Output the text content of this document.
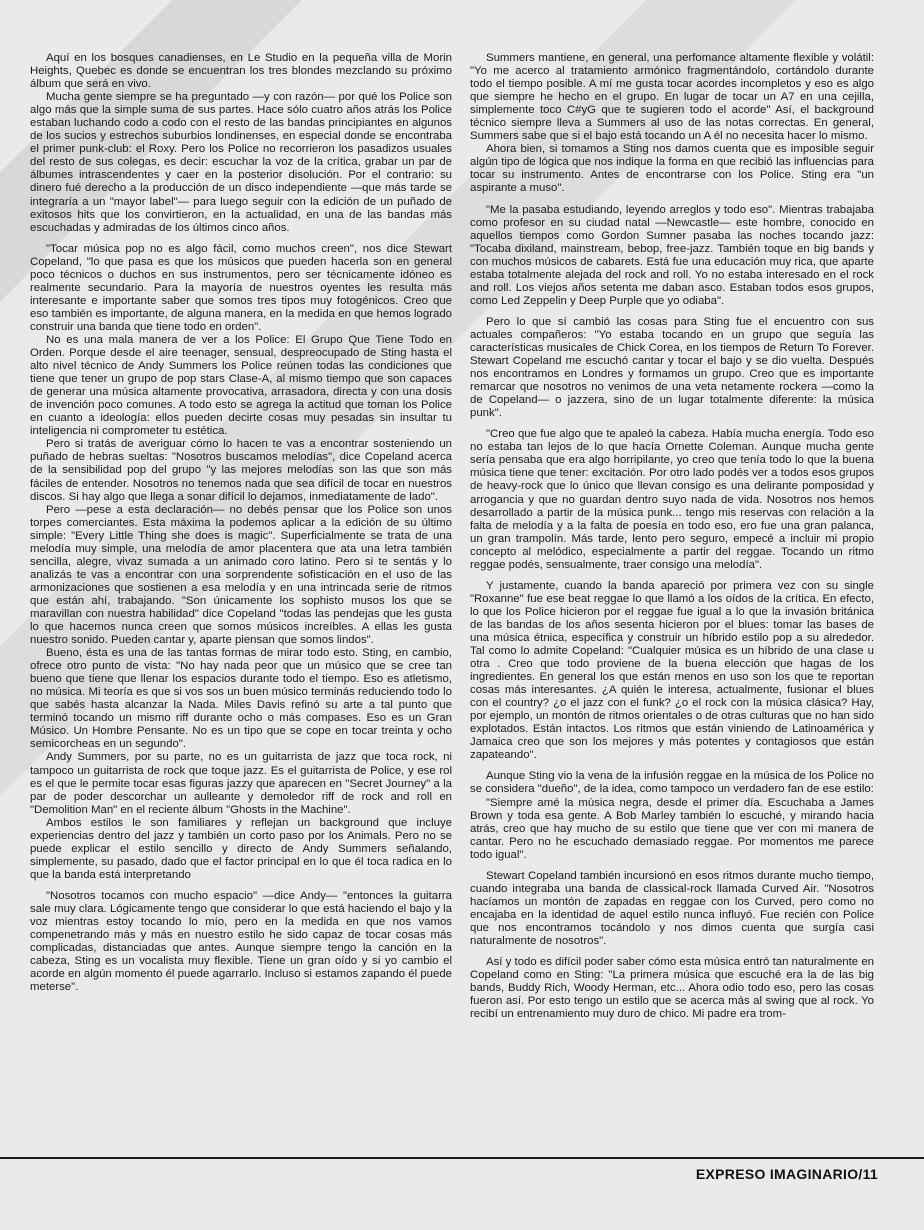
Aquí en los bosques canadienses, en Le Studio en la pequeña villa de Morin Heights, Quebec es donde se encuentran los tres blondes mezclando su próximo álbum que será en vivo.

Mucha gente siempre se ha preguntado —y con razón— por qué los Police son algo más que la simple suma de sus partes. Hace sólo cuatro años atrás los Police estaban luchando codo a codo con el resto de las bandas principiantes en algunos de los sucios y estrechos suburbios londinenses, en especial donde se encontraba el primer punk-club: el Roxy. Pero los Police no recorrieron los pasadizos usuales del resto de sus colegas, es decir: escuchar la voz de la crítica, grabar un par de álbumes intrascendentes y caer en la posterior disolución. Por el contrario: su dinero fué derecho a la producción de un disco independiente —que más tarde se integraría a un "mayor label"— para luego seguir con la edición de un puñado de exitosos hits que los convirtieron, en la actualidad, en una de las bandas más escuchadas y admiradas de los últimos cinco años.

"Tocar música pop no es algo fácil, como muchos creen", nos dice Stewart Copeland, "lo que pasa es que los músicos que pueden hacerla son en general poco técnicos o duchos en sus instrumentos, pero ser técnicamente idóneo es realmente secundario. Para la mayoría de nuestros oyentes les resulta más interesante e importante saber que somos tres tipos muy fotogénicos. Creo que eso también es importante, de alguna manera, en la medida en que hemos logrado construir una banda que tiene todo en orden".

No es una mala manera de ver a los Police: El Grupo Que Tiene Todo en Orden. Porque desde el aire teenager, sensual, despreocupado de Sting hasta el alto nivel técnico de Andy Summers los Police reúnen todas las condiciones que tiene que tener un grupo de pop stars Clase-A, al mismo tiempo que son capaces de generar una música altamente provocativa, arrasadora, directa y con una dosis de invención poco comunes. A todo esto se agrega la actitud que toman los Police en cuanto a ideología: ellos pueden decirte cosas muy pesadas sin insultar tu inteligencia ni comprometer tu estética.

Pero si tratás de averiguar cómo lo hacen te vas a encontrar sosteniendo un puñado de hebras sueltas: "Nosotros buscamos melodías", dice Copeland acerca de la sensibilidad pop del grupo "y las mejores melodías son las que son más fáciles de entender. Nosotros no tenemos nada que sea difícil de tocar en nuestros discos. Si hay algo que llega a sonar difícil lo dejamos, inmediatamente de lado".

Pero —pese a esta declaración— no debés pensar que los Police son unos torpes comerciantes. Esta máxima la podemos aplicar a la edición de su último simple: "Every Little Thing she does is magic". Superficialmente se trata de una melodía muy simple, una melodía de amor placentera que ata una letra también sencilla, alegre, vivaz sumada a un animado coro latino. Pero si te sentás y lo analizás te vas a encontrar con una sorprendente sofisticación en el uso de las armonizaciones que sostienen a esa melodía y en una intrincada serie de ritmos que están ahí, trabajando. "Son únicamente los sophisto musos los que se maravillan con nuestra habilidad" dice Copeland "todas las pendejas que les gusta lo que hacemos nunca creen que somos músicos increíbles. A ellas les gusta nuestro sonido. Pueden cantar y, aparte piensan que somos lindos".

Bueno, ésta es una de las tantas formas de mirar todo esto. Sting, en cambio, ofrece otro punto de vista: "No hay nada peor que un músico que se cree tan bueno que tiene que llenar los espacios durante todo el tiempo. Eso es atletismo, no música. Mi teoría es que si vos sos un buen músico terminás reduciendo todo lo que sabés hasta alcanzar la Nada. Miles Davis refinó su arte a tal punto que terminó tocando un mismo riff durante ocho o más compases. Eso es un Gran Músico. Un Hombre Pensante. No es un tipo que se cope en tocar treinta y ocho semicorcheas en un segundo".

Andy Summers, por su parte, no es un guitarrista de jazz que toca rock, ni tampoco un guitarrista de rock que toque jazz. Es el guitarrista de Police, y ese rol es el que le permite tocar esas figuras jazzy que aparecen en "Secret Journey" a la par de poder descorchar un aulleante y demoledor riff de rock and roll en "Demolition Man" en el reciente álbum "Ghosts in the Machine".

Ambos estilos le son familiares y reflejan un background que incluye experiencias dentro del jazz y también un corto paso por los Animals. Pero no se puede explicar el estilo sencillo y directo de Andy Summers señalando, simplemente, su pasado, dado que el factor principal en lo que él toca radica en lo que la banda está interpretando

"Nosotros tocamos con mucho espacio" —dice Andy— "entonces la guitarra sale muy clara. Lógicamente tengo que considerar lo que está haciendo el bajo y la voz mientras estoy tocando lo mío, pero en la medida en que nos vamos compenetrando más y más en nuestro estilo he sido capaz de tocar cosas más complicadas, distanciadas que antes. Aunque siempre tengo la canción en la cabeza, Sting es un vocalista muy flexible. Tiene un gran oído y si yo cambio el acorde en algún momento él puede agarrarlo. Incluso si estamos zapando él puede meterse".

Summers mantiene, en general, una perfomance altamente flexible y volátil: "Yo me acerco al tratamiento armónico fragmentándolo, cortándolo durante todo el tiempo posible. A mí me gusta tocar acordes incompletos y eso es algo que siempre he hecho en el grupo. En lugar de tocar un A7 en una cejilla, simplemente toco C#yG que te sugieren todo el acorde" Así, el background técnico siempre lleva a Summers al uso de las notas correctas. En general, Summers sabe que si el bajo está tocando un A él no necesita hacer lo mismo.

Ahora bien, si tomamos a Sting nos damos cuenta que es imposible seguir algún tipo de lógica que nos indique la forma en que recibió las influencias para tocar su instrumento. Antes de encontrarse con los Police. Sting era "un aspirante a muso".

"Me la pasaba estudiando, leyendo arreglos y todo eso". Mientras trabajaba como profesor en su ciudad natal —Newcastle— este hombre, conocido en aquellos tiempos como Gordon Sumner pasaba las noches tocando jazz: "Tocaba dixiland, mainstream, bebop, free-jazz. También toque en big bands y con muchos músicos de cabarets. Está fue una educación muy rica, que aparte estaba totalmente alejada del rock and roll. Yo no estaba interesado en el rock and roll. Los viejos años setenta me daban asco. Estaban todos esos grupos, como Led Zeppelin y Deep Purple que yo odiaba".

Pero lo que sí cambió las cosas para Sting fue el encuentro con sus actuales compañeros: "Yo estaba tocando en un grupo que seguía las características musicales de Chick Corea, en los tiempos de Return To Forever. Stewart Copeland me escuchó cantar y tocar el bajo y se dio vuelta. Después nos encontramos en Londres y formamos un grupo. Creo que es importante remarcar que nosotros no venimos de una veta netamente rockera —como la de Copeland— o jazzera, sino de un lugar totalmente diferente: la música punk".

"Creo que fue algo que te apaleó la cabeza. Había mucha energía. Todo eso no estaba tan lejos de lo que hacía Ornette Coleman. Aunque mucha gente sería pensaba que era algo horripilante, yo creo que tenía todo lo que la buena música tiene que tener: excitación. Por otro lado podés ver a todos esos grupos de heavy-rock que lo único que llevan consigo es una delirante pomposidad y arrogancia y que no guardan dentro suyo nada de vida. Nosotros nos hemos desarrollado a partir de la música punk... tengo mis reservas con relación a la falta de melodía y a la falta de poesía en todo eso, ero fue una gran palanca, un gran trampolín. Más tarde, lento pero seguro, empecé a incluir mi propio concepto al melódico, especialmente a partir del reggae. Tocando un ritmo reggae podés, sensualmente, traer consigo una melodía".

Y justamente, cuando la banda apareció por primera vez con su single "Roxanne" fue ese beat reggae lo que llamó a los oídos de la crítica. En efecto, lo que los Police hicieron por el reggae fue igual a lo que la invasión británica de las bandas de los años sesenta hicieron por el blues: tomar las bases de una música étnica, específica y construir un híbrido estilo pop a su alrededor. Tal como lo admite Copeland: "Cualquier música es un híbrido de una clase u otra . Creo que todo proviene de la buena elección que hagas de los ingredientes. En general los que están menos en uso son los que te reportan cosas más interesantes. ¿A quién le interesa, actualmente, fusionar el blues con el country? ¿o el jazz con el funk? ¿o el rock con la música clásica? Hay, por ejemplo, un montón de ritmos orientales o de otras culturas que no han sido explotados. Están intactos. Los ritmos que están viniendo de Latinoamérica y Jamaica creo que son los mejores y más potentes y contagiosos que están zapateando".

Aunque Sting vio la vena de la infusión reggae en la música de los Police no se considera "dueño", de la idea, como tampoco un verdadero fan de ese estilo:

"Siempre amé la música negra, desde el primer día. Escuchaba a James Brown y toda esa gente. A Bob Marley también lo escuché, y mirando hacia atrás, creo que hay mucho de su estilo que tiene que ver con mi manera de cantar. Pero no he escuchado demasiado reggae. Por momentos me parece todo igual".

Stewart Copeland también incursionó en esos ritmos durante mucho tiempo, cuando integraba una banda de classical-rock llamada Curved Air. "Nosotros hacíamos un montón de zapadas en reggae con los Curved, pero como no encajaba en la identidad de aquel estilo nunca influyó. Fue recién con Police que nos encontramos tocándolo y nos dimos cuenta que surgía casi naturalmente de nosotros".

Así y todo es difícil poder saber cómo esta música entró tan naturalmente en Copeland como en Sting: "La primera música que escuché era la de las big bands, Buddy Rich, Woody Herman, etc... Ahora odio todo eso, pero las cosas fueron así. Por esto tengo un estilo que se acerca más al swing que al rock. Yo recibí un entrenamiento muy duro de chico. Mi padre era trom-

EXPRESO IMAGINARIO/11
